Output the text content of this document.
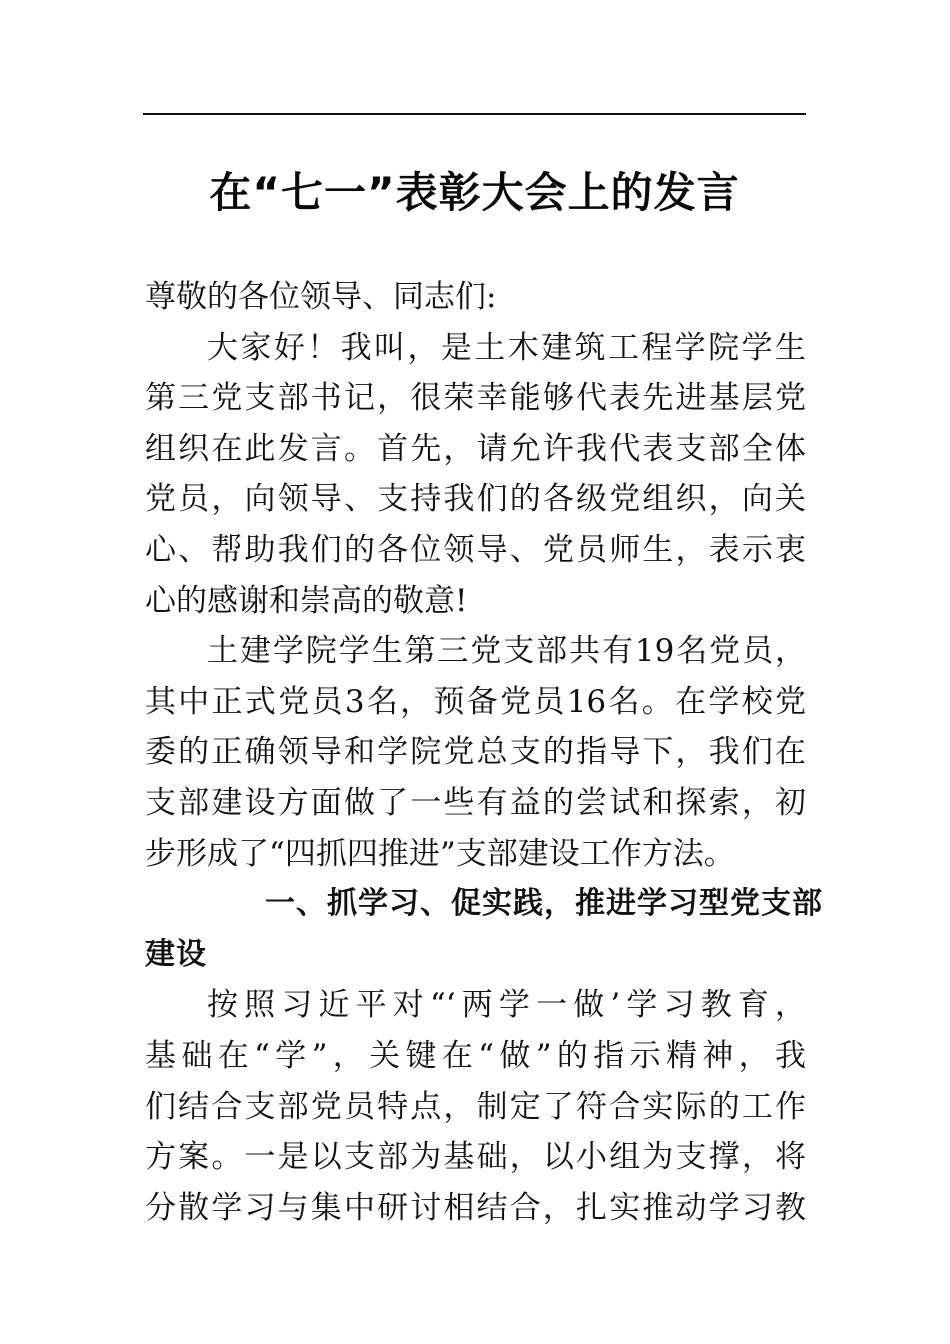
在“七一”表彰大会上的发言
尊敬的各位领导、同志们:
大家好！我叫，是土木建筑工程学院学生
第三党支部书记，很荣幸能够代表先进基层党
组织在此发言。首先，请允许我代表支部全体
党员，向领导、支持我们的各级党组织，向关
心、帮助我们的各位领导、党员师生，表示衷
心的感谢和崇高的敬意!
土建学院学生第三党支部共有19名党员，
其中正式党员3名，预备党员16名。在学校党
委的正确领导和学院党总支的指导下，我们在
支部建设方面做了一些有益的尝试和探索，初
步形成了“四抓四推进”支部建设工作方法。
一、抓学习、促实践，推进学习型党支部
建设
按照习近平对“‘两学一做’学习教育，
基础在“学”，关键在“做”的指示精神，我
们结合支部党员特点，制定了符合实际的工作
方案。一是以支部为基础，以小组为支撑，将
分散学习与集中研讨相结合，扎实推动学习教
